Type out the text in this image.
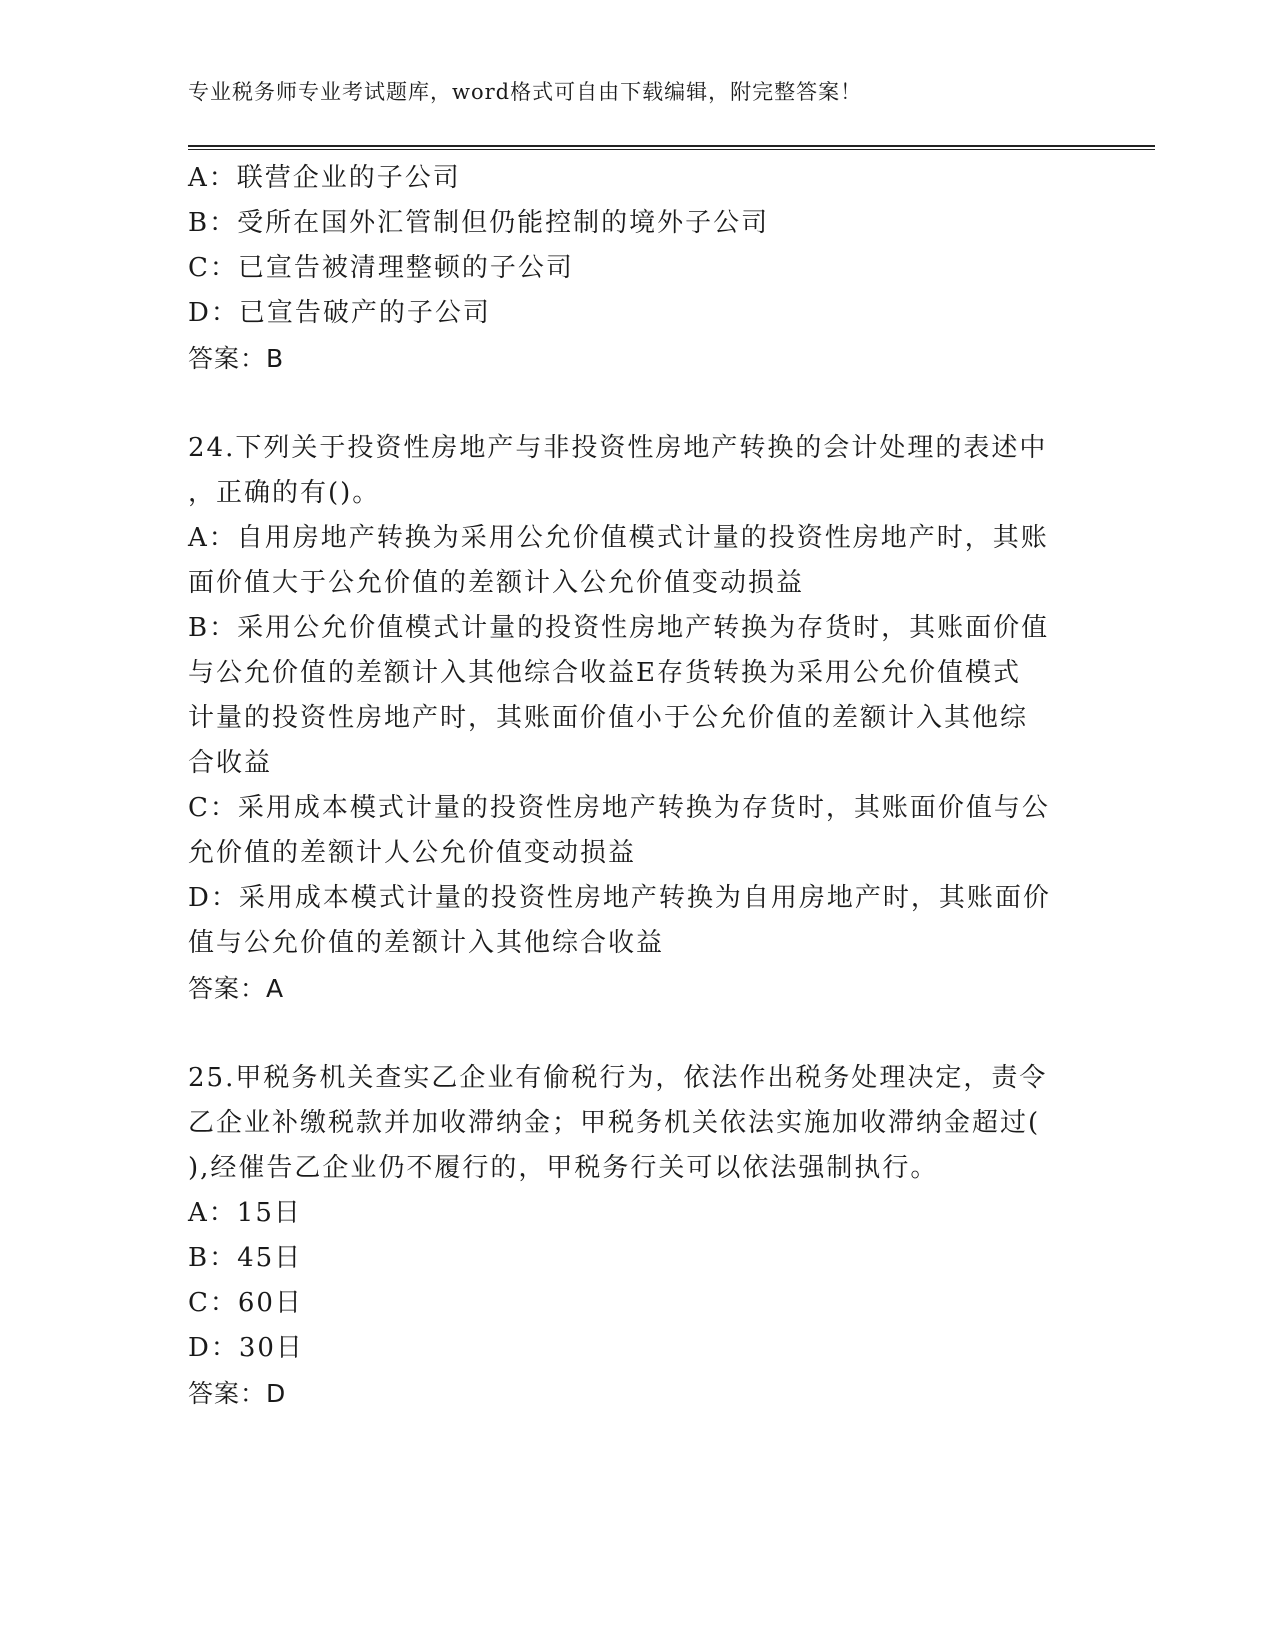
专业税务师专业考试题库，word格式可自由下载编辑，附完整答案！
A：联营企业的子公司
B：受所在国外汇管制但仍能控制的境外子公司
C：已宣告被清理整顿的子公司
D：已宣告破产的子公司
答案：B
24.下列关于投资性房地产与非投资性房地产转换的会计处理的表述中
，正确的有()。
A：自用房地产转换为采用公允价值模式计量的投资性房地产时，其账
面价值大于公允价值的差额计入公允价值变动损益
B：采用公允价值模式计量的投资性房地产转换为存货时，其账面价值
与公允价值的差额计入其他综合收益E存货转换为采用公允价值模式
计量的投资性房地产时，其账面价值小于公允价值的差额计入其他综
合收益
C：采用成本模式计量的投资性房地产转换为存货时，其账面价值与公
允价值的差额计人公允价值变动损益
D：采用成本模式计量的投资性房地产转换为自用房地产时，其账面价
值与公允价值的差额计入其他综合收益
答案：A
25.甲税务机关查实乙企业有偷税行为，依法作出税务处理决定，责令
乙企业补缴税款并加收滞纳金；甲税务机关依法实施加收滞纳金超过(
),经催告乙企业仍不履行的，甲税务行关可以依法强制执行。
A：15日
B：45日
C：60日
D：30日
答案：D
